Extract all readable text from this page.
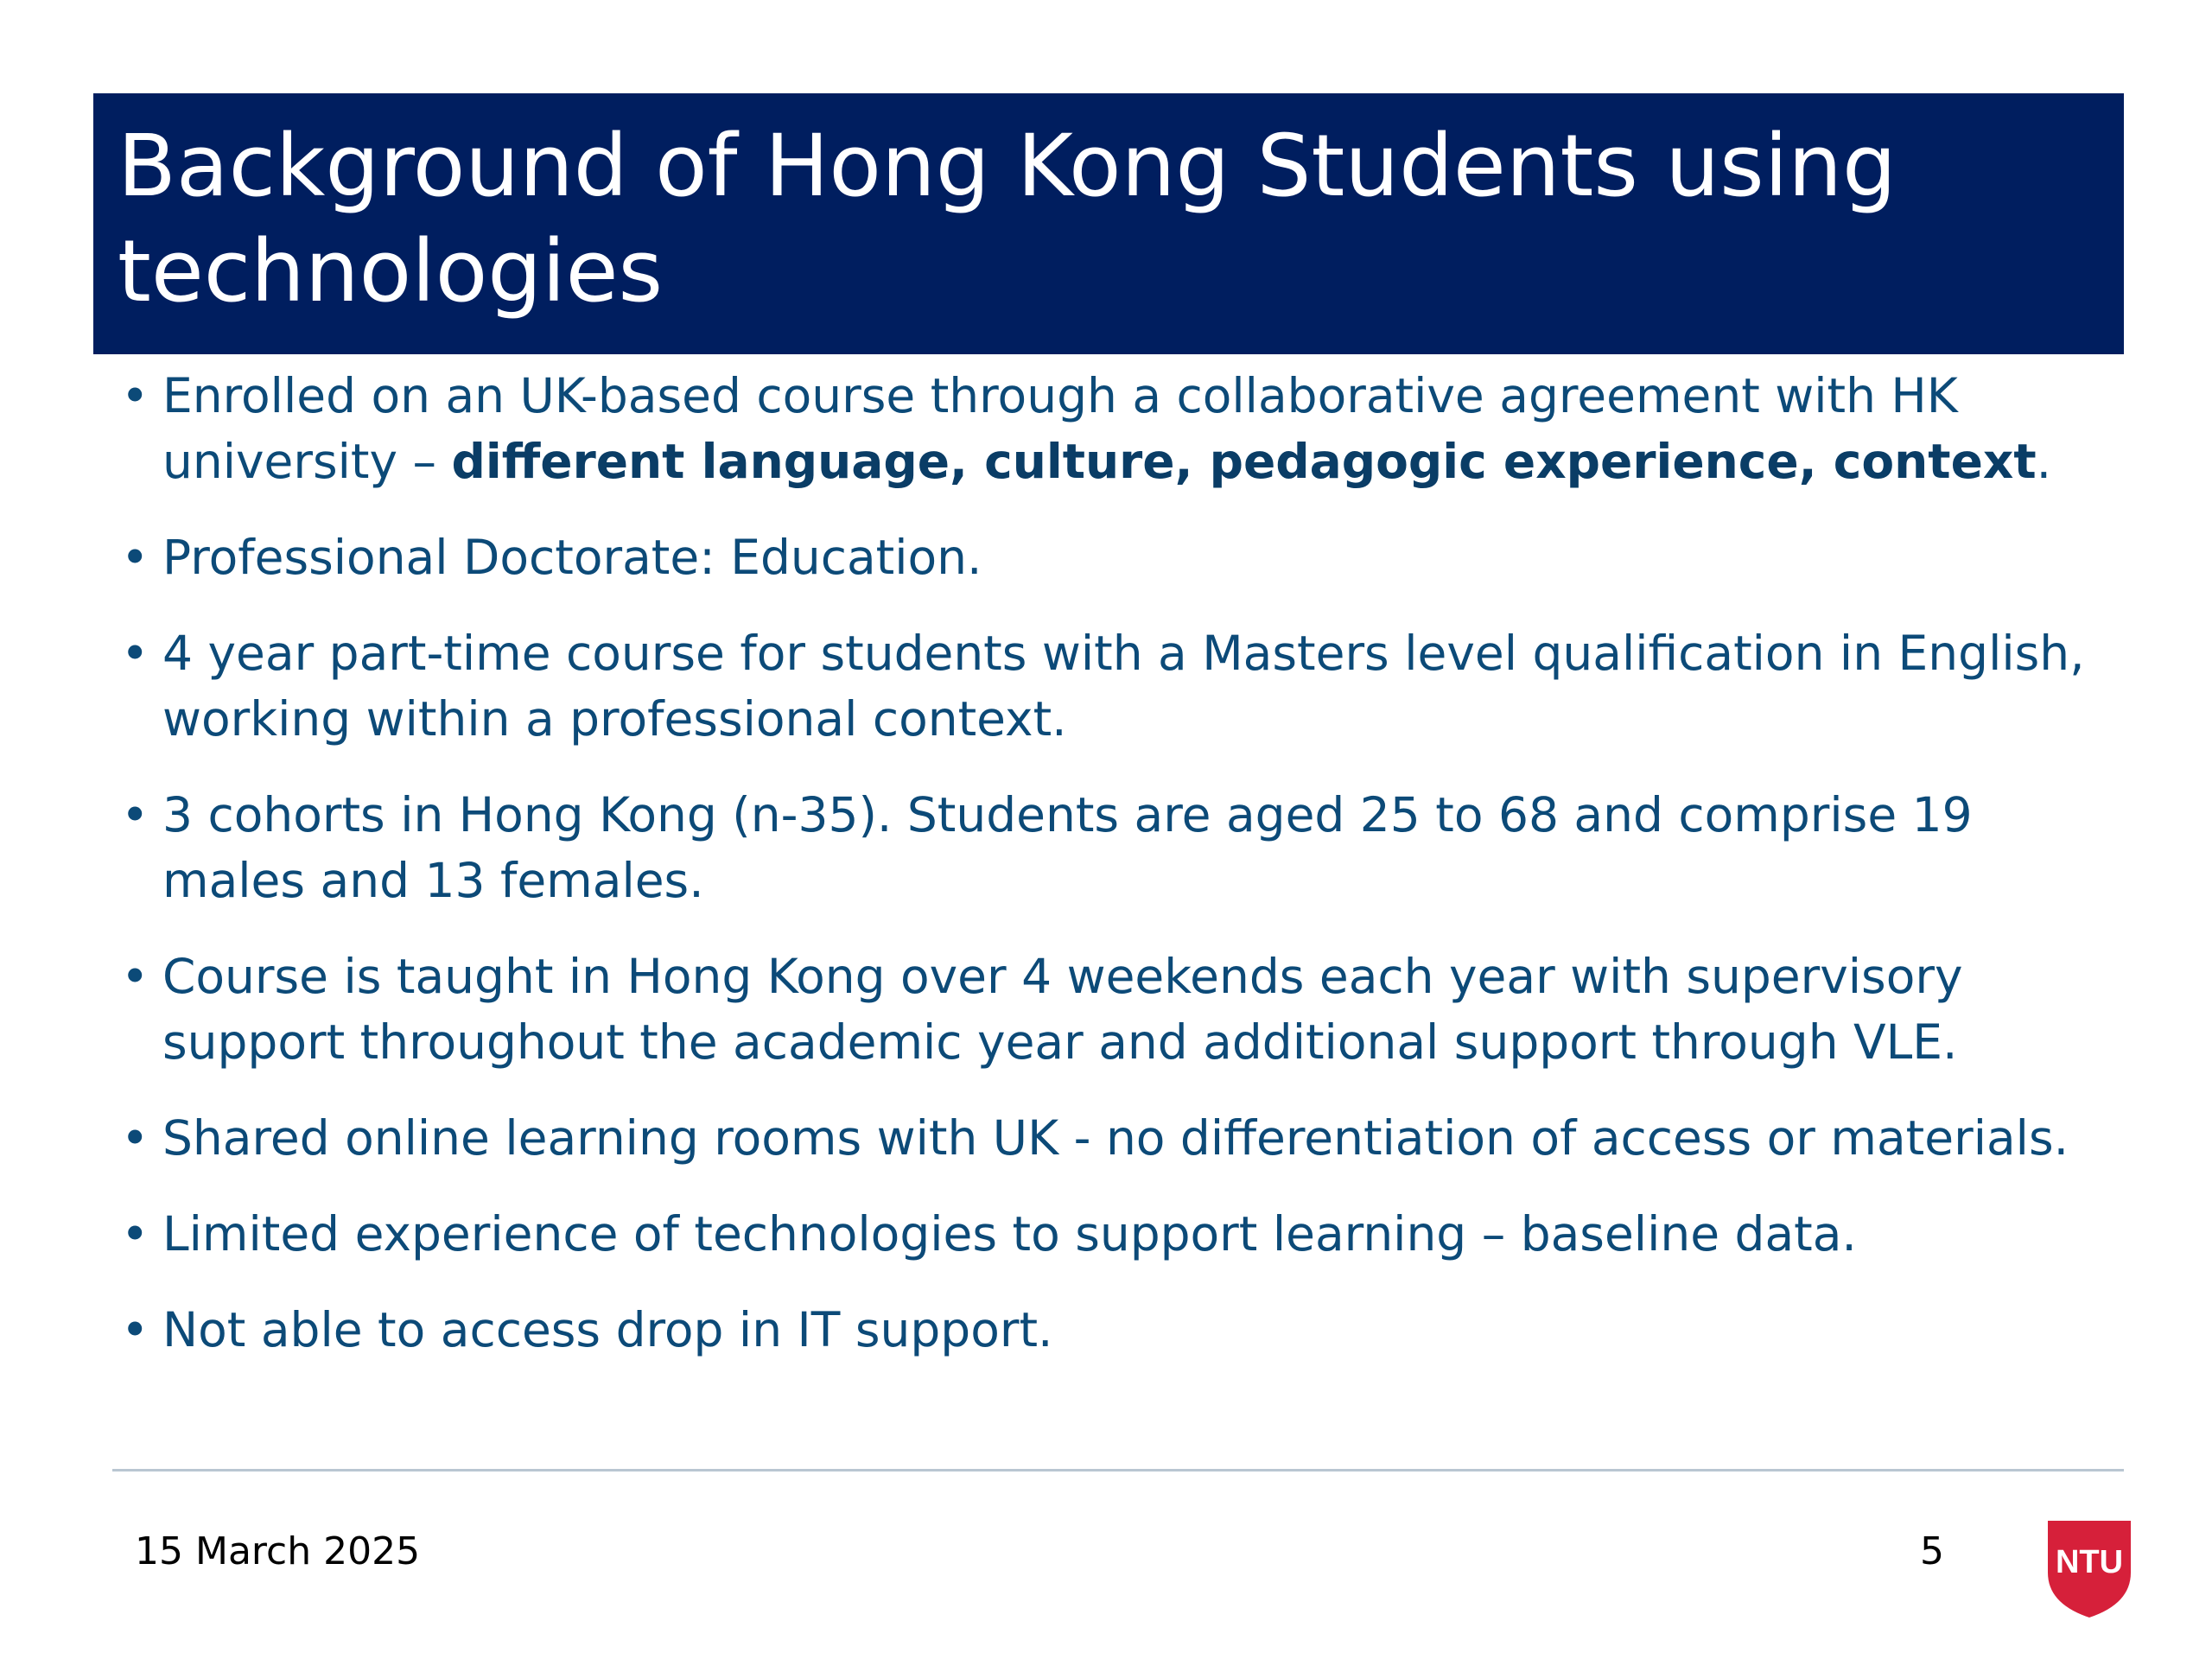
Background of Hong Kong Students using technologies
• Enrolled on an UK-based course through a collaborative agreement with HK university – different language, culture, pedagogic experience, context.
• Professional Doctorate: Education.
• 4 year part-time course for students with a Masters level qualification in English, working within a professional context.
• 3 cohorts in Hong Kong (n-35). Students are aged 25 to 68 and comprise 19 males and 13 females.
• Course is taught in Hong Kong over 4 weekends each year with supervisory support throughout the academic year and additional support through VLE.
• Shared online learning rooms with UK - no differentiation of access or materials.
• Limited experience of technologies to support learning – baseline data.
• Not able to access drop in IT support.
15 March 2025	5	NTU
